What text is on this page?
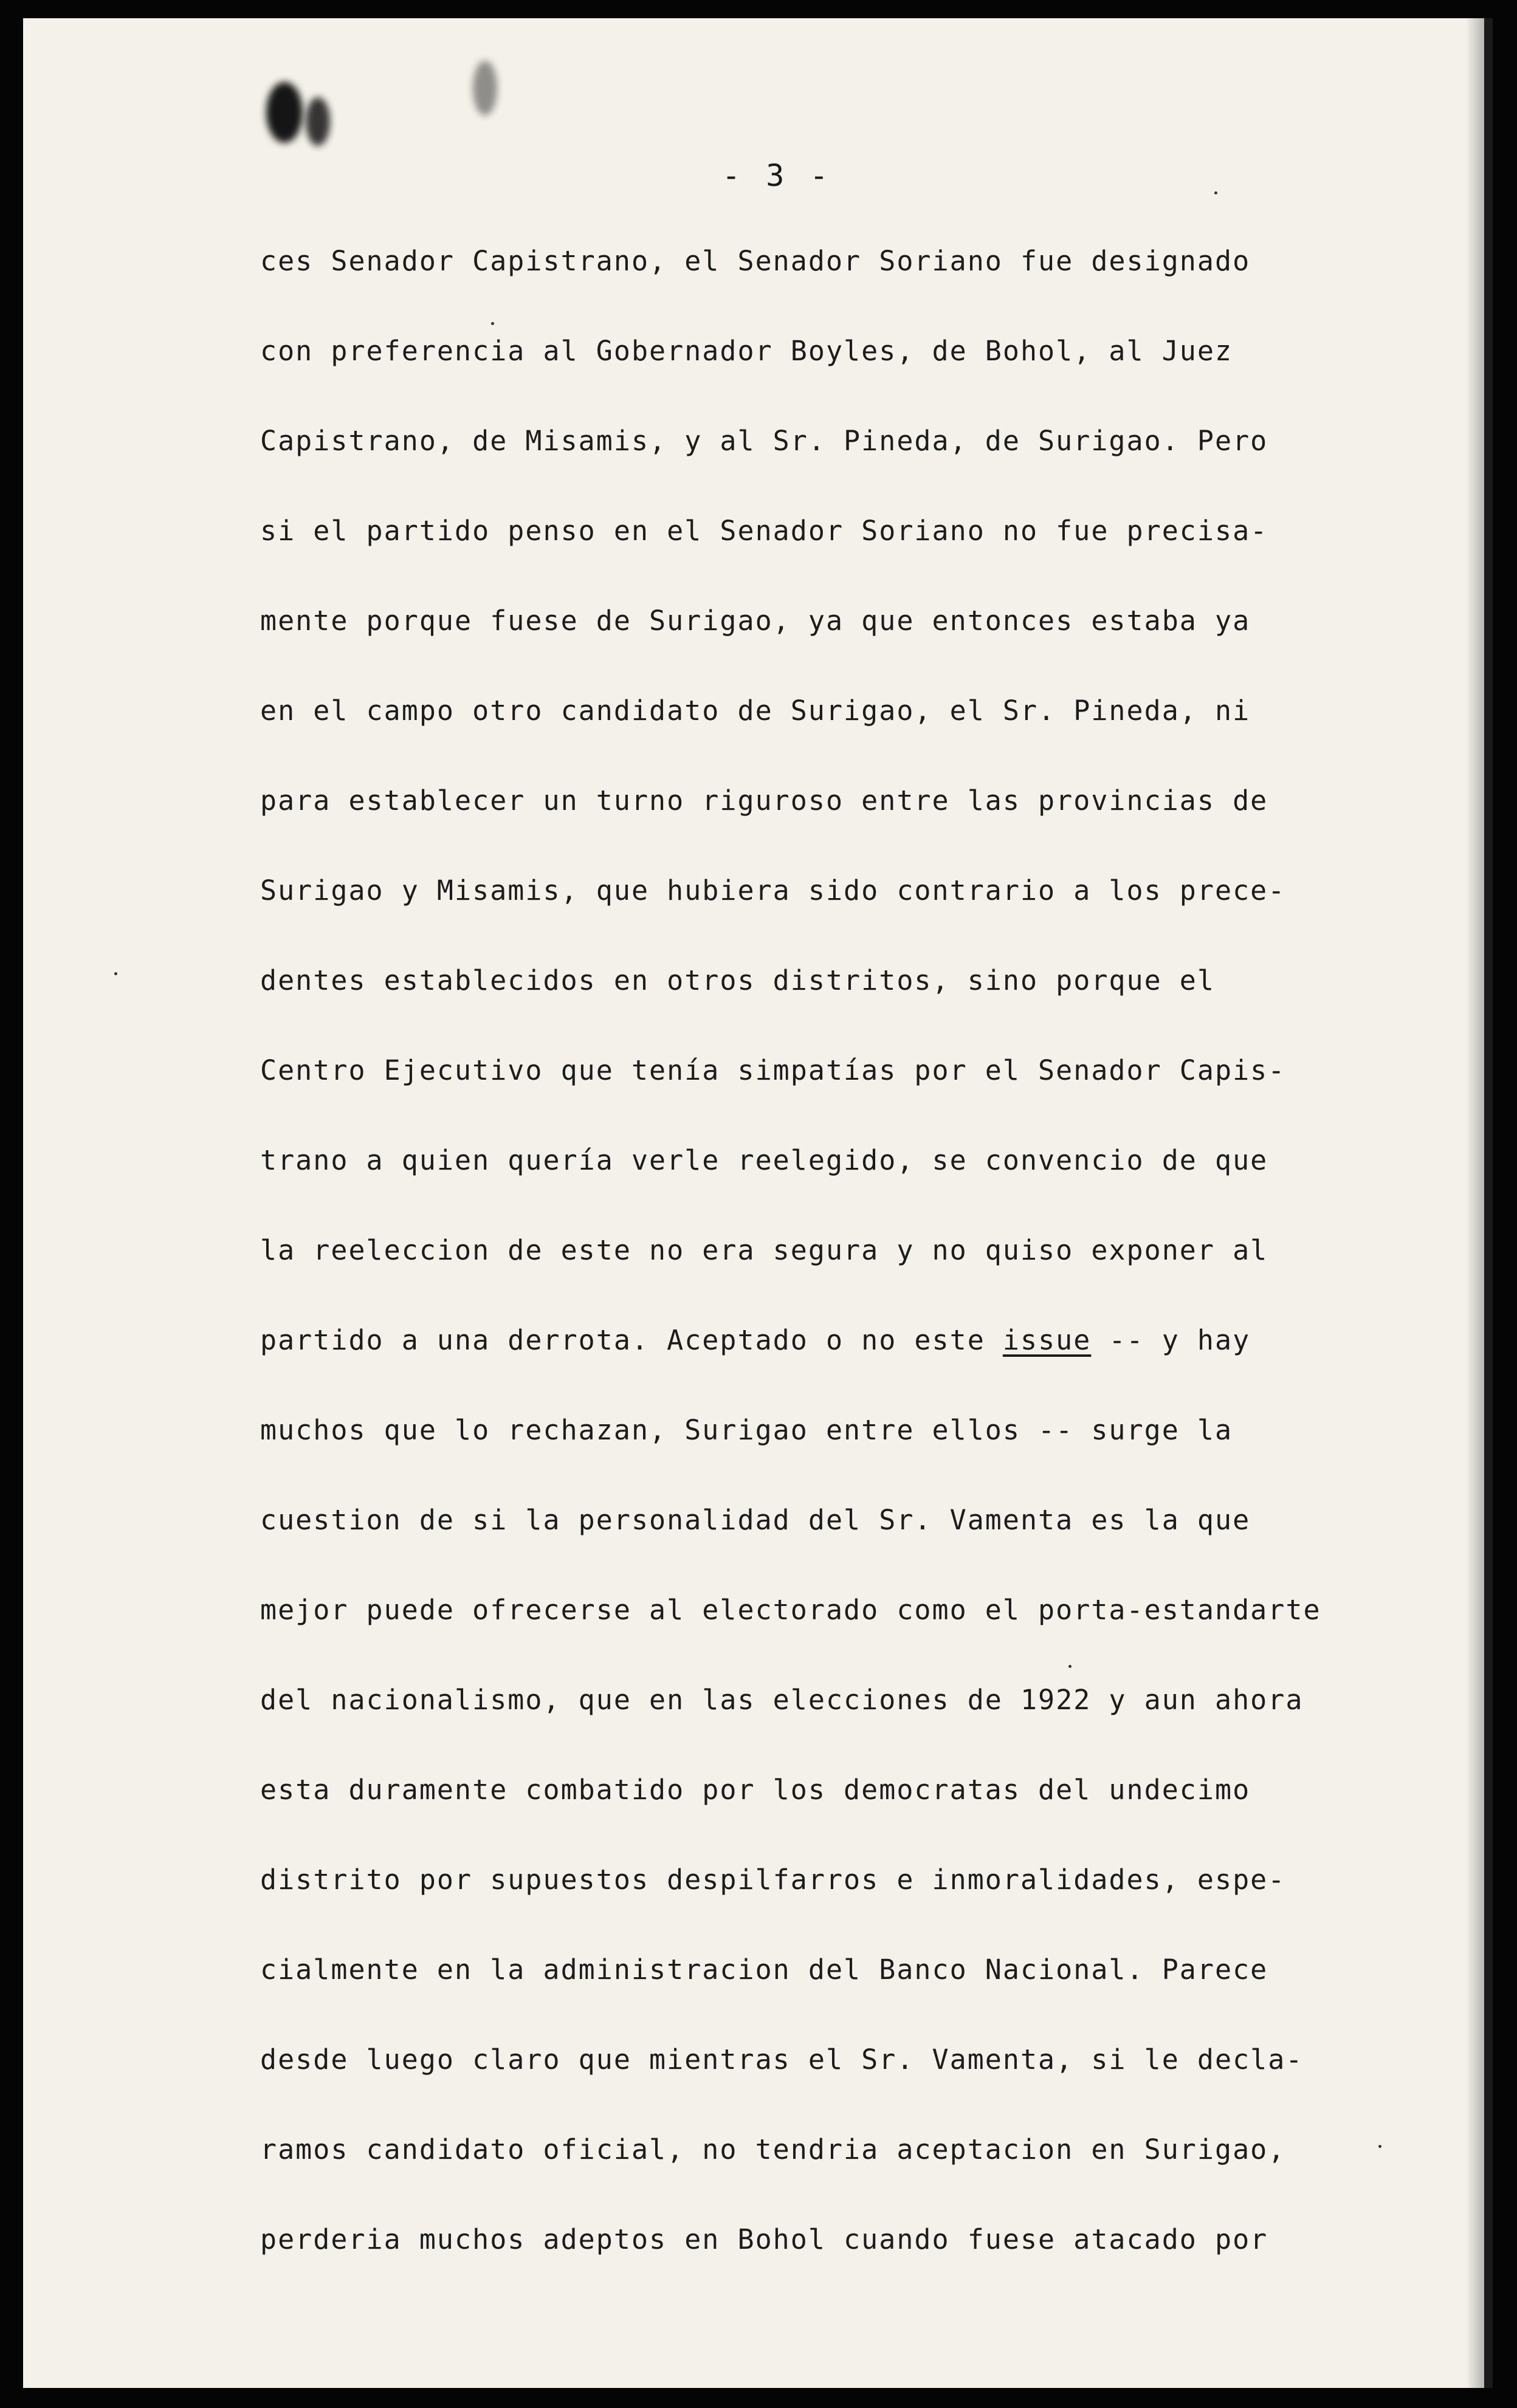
- 3 -
ces Senador Capistrano, el Senador Soriano fue designado
con preferencia al Gobernador Boyles, de Bohol, al Juez
Capistrano, de Misamis, y al Sr. Pineda, de Surigao. Pero
si el partido penso en el Senador Soriano no fue precisa-
mente porque fuese de Surigao, ya que entonces estaba ya
en el campo otro candidato de Surigao, el Sr. Pineda, ni
para establecer un turno riguroso entre las provincias de
Surigao y Misamis, que hubiera sido contrario a los prece-
dentes establecidos en otros distritos, sino porque el
Centro Ejecutivo que tenía simpatías por el Senador Capis-
trano a quien quería verle reelegido, se convencio de que
la reeleccion de este no era segura y no quiso exponer al
partido a una derrota. Aceptado o no este issue -- y hay
muchos que lo rechazan, Surigao entre ellos -- surge la
cuestion de si la personalidad del Sr. Vamenta es la que
mejor puede ofrecerse al electorado como el porta-estandarte
del nacionalismo, que en las elecciones de 1922 y aun ahora
esta duramente combatido por los democratas del undecimo
distrito por supuestos despilfarros e inmoralidades, espe-
cialmente en la administracion del Banco Nacional. Parece
desde luego claro que mientras el Sr. Vamenta, si le decla-
ramos candidato oficial, no tendria aceptacion en Surigao,
perderia muchos adeptos en Bohol cuando fuese atacado por
